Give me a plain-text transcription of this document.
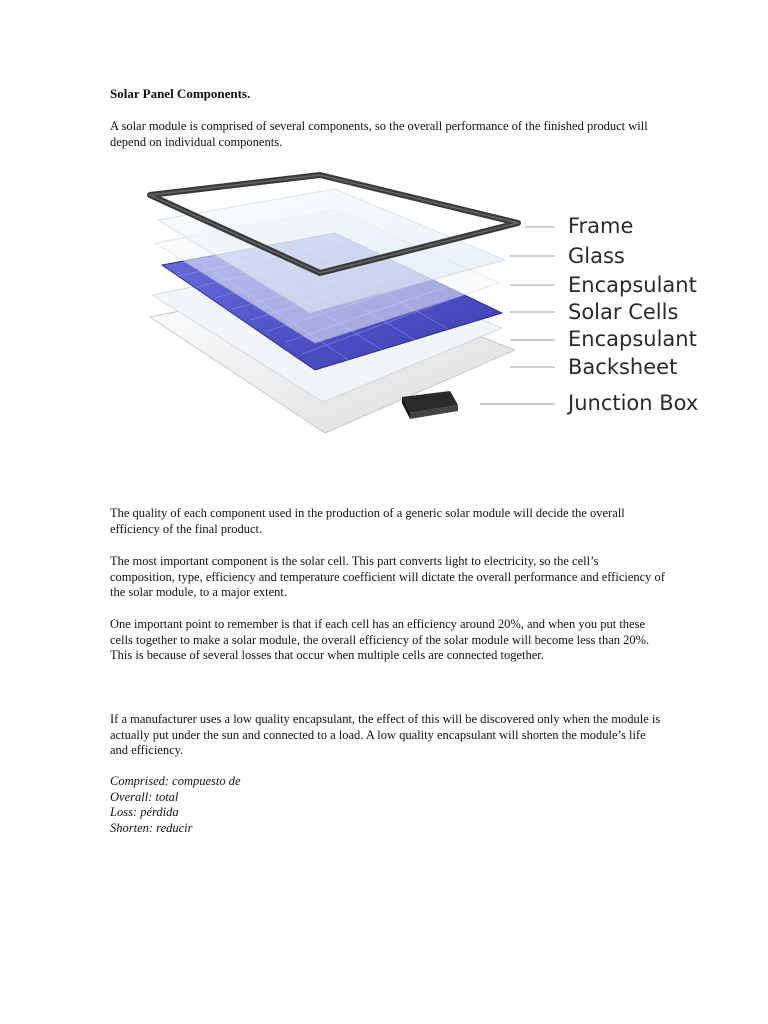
Solar Panel Components.

A solar module is comprised of several components, so the overall performance of the finished product will depend on individual components.

Frame
Glass
Encapsulant
Solar Cells
Encapsulant
Backsheet
Junction Box

The quality of each component used in the production of a generic solar module will decide the overall efficiency of the final product.

The most important component is the solar cell. This part converts light to electricity, so the cell’s composition, type, efficiency and temperature coefficient will dictate the overall performance and efficiency of the solar module, to a major extent.

One important point to remember is that if each cell has an efficiency around 20%, and when you put these cells together to make a solar module, the overall efficiency of the solar module will become less than 20%. This is because of several losses that occur when multiple cells are connected together.

If a manufacturer uses a low quality encapsulant, the effect of this will be discovered only when the module is actually put under the sun and connected to a load. A low quality encapsulant will shorten the module’s life and efficiency.

Comprised: compuesto de
Overall: total
Loss: pérdida
Shorten: reducir
